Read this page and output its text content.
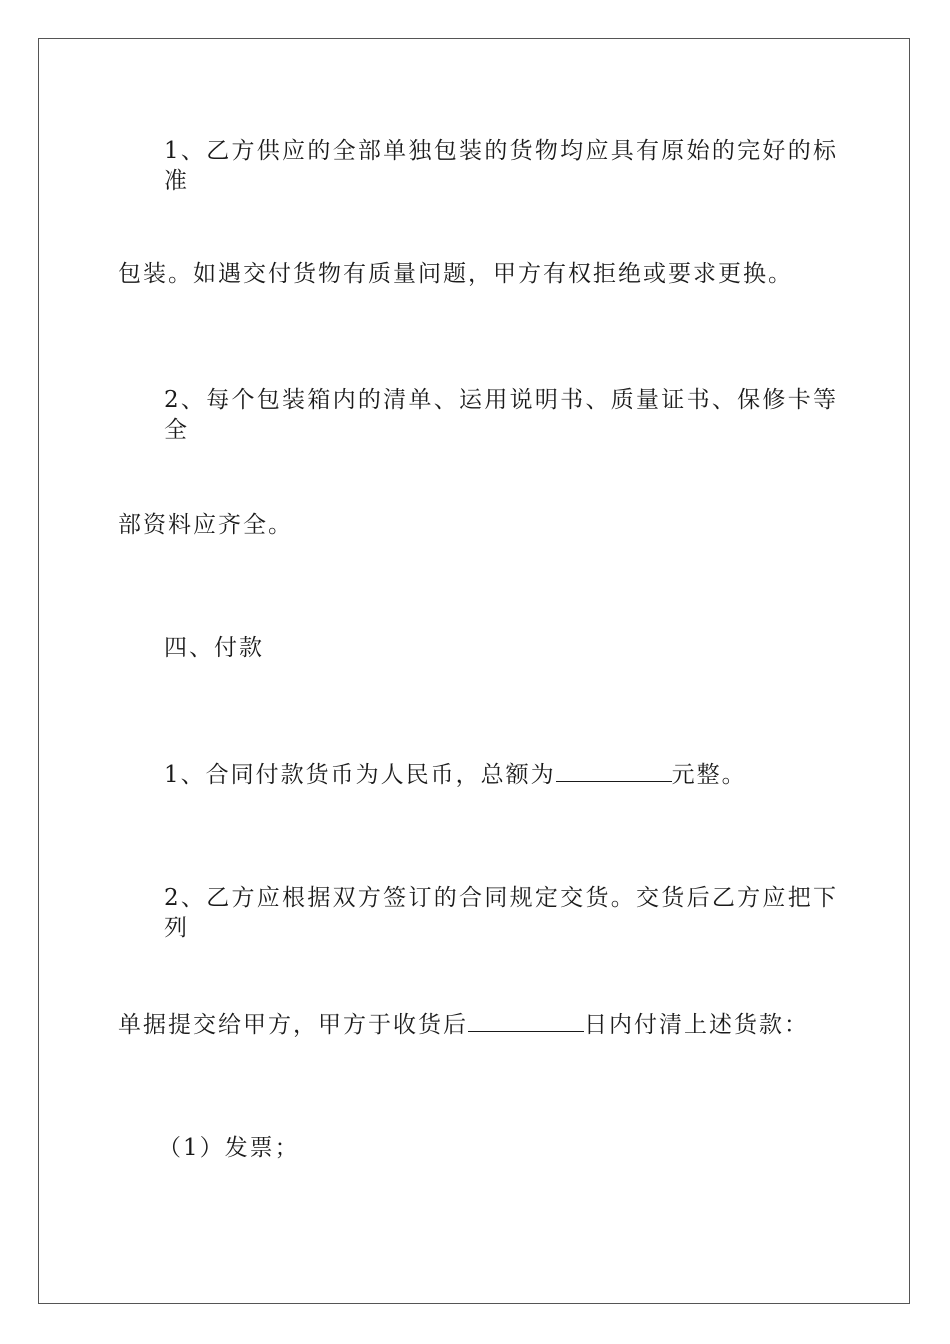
1、乙方供应的全部单独包装的货物均应具有原始的完好的标准
包装。如遇交付货物有质量问题，甲方有权拒绝或要求更换。
2、每个包装箱内的清单、运用说明书、质量证书、保修卡等全
部资料应齐全。
四、付款
1、合同付款货币为人民币，总额为	元整。
2、乙方应根据双方签订的合同规定交货。交货后乙方应把下列
单据提交给甲方，甲方于收货后	日内付清上述货款：
（1）发票；
